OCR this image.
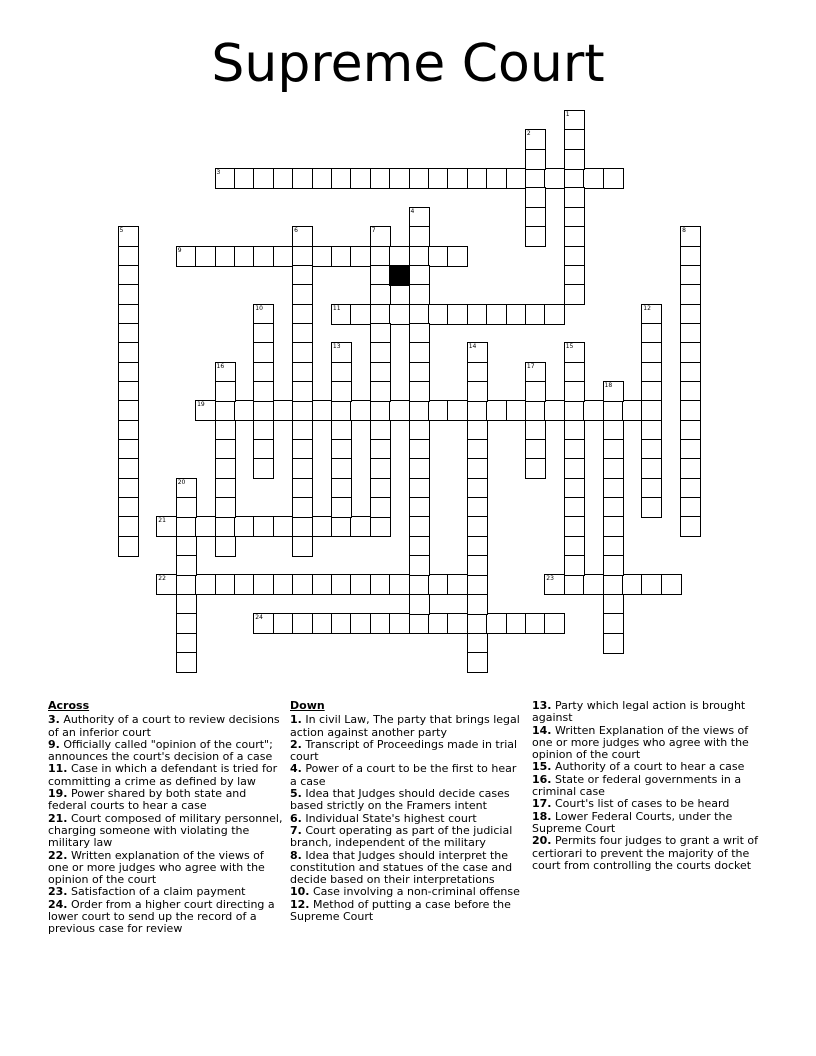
Supreme Court
3
9
11
19
21
22	23
24
1
2
4
5	6	7	8
10	12
13	14	15
16	17
18
20
Across
3. Authority of a court to review decisions of an inferior court
9. Officially called "opinion of the court"; announces the court's decision of a case
11. Case in which a defendant is tried for committing a crime as defined by law
19. Power shared by both state and federal courts to hear a case
21. Court composed of military personnel, charging someone with violating the military law
22. Written explanation of the views of one or more judges who agree with the opinion of the court
23. Satisfaction of a claim payment
24. Order from a higher court directing a lower court to send up the record of a previous case for review
Down
1. In civil Law, The party that brings legal action against another party
2. Transcript of Proceedings made in trial court
4. Power of a court to be the first to hear a case
5. Idea that Judges should decide cases based strictly on the Framers intent
6. Individual State's highest court
7. Court operating as part of the judicial branch, independent of the military
8. Idea that Judges should interpret the constitution and statues of the case and decide based on their interpretations
10. Case involving a non-criminal offense
12. Method of putting a case before the Supreme Court
13. Party which legal action is brought against
14. Written Explanation of the views of one or more judges who agree with the opinion of the court
15. Authority of a court to hear a case
16. State or federal governments in a criminal case
17. Court's list of cases to be heard
18. Lower Federal Courts, under the Supreme Court
20. Permits four judges to grant a writ of certiorari to prevent the majority of the court from controlling the courts docket
